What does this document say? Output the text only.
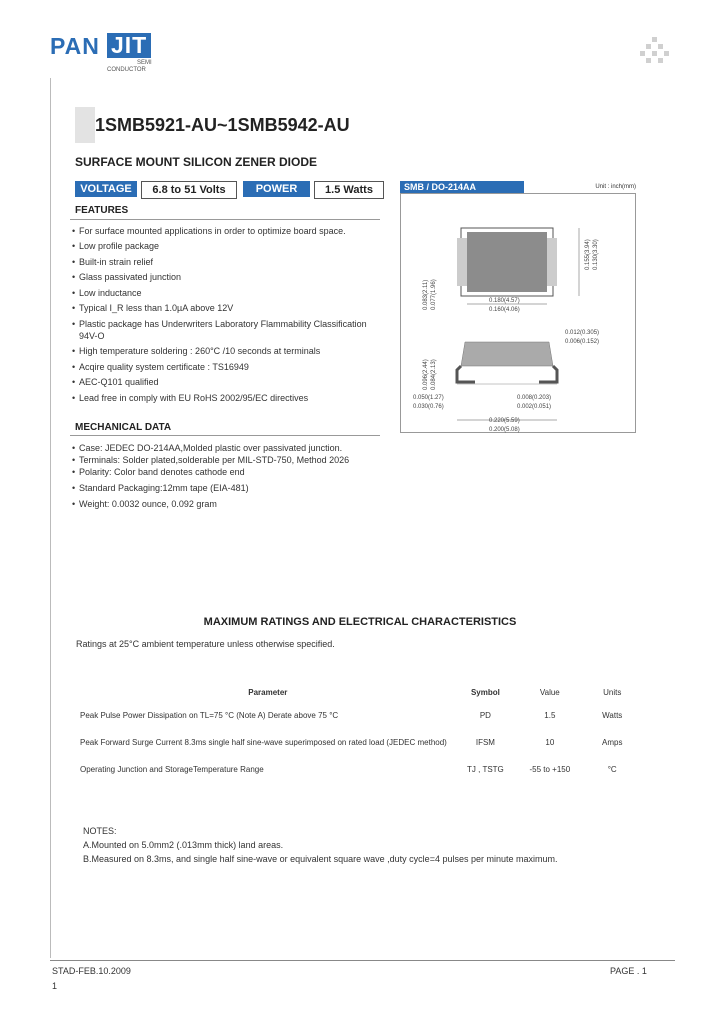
PAN JIT
SEMI
CONDUCTOR
1SMB5921-AU~1SMB5942-AU
SURFACE MOUNT SILICON ZENER DIODE
VOLTAGE	6.8 to 51 Volts	POWER	1.5 Watts
FEATURES
• For surface mounted applications in order to optimize board space.
• Low profile package
• Built-in strain relief
• Glass passivated junction
• Low inductance
• Typical I_R less than 1.0µA above 12V
• Plastic package has Underwriters Laboratory Flammability Classification 94V-O
• High temperature soldering : 260°C /10 seconds at terminals
• Acqire quality system certificate : TS16949
• AEC-Q101 qualified
• Lead free in comply with EU RoHS 2002/95/EC directives
MECHANICAL DATA
• Case: JEDEC DO-214AA,Molded plastic over passivated junction.
• Terminals: Solder plated,solderable per MIL-STD-750, Method 2026
• Polarity: Color band denotes cathode end
• Standard Packaging:12mm tape (EIA-481)
• Weight: 0.0032 ounce, 0.092 gram
SMB / DO-214AA	Unit : inch(mm)
0.155(3.94) 0.130(3.30)
0.083(2.11) 0.077(1.96)	0.180(4.57)
0.160(4.06)
0.012(0.305)
0.006(0.152)
0.096(2.44) 0.084(2.13)
0.050(1.27)
0.030(0.76)
0.008(0.203)
0.002(0.051)
0.220(5.59)
0.200(5.08)
MAXIMUM RATINGS AND ELECTRICAL CHARACTERISTICS
Ratings at 25°C ambient temperature unless otherwise specified.
Parameter	Symbol	Value	Units
Peak Pulse Power Dissipation on TL=75 °C (Note A) Derate above 75 °C	PD	1.5	Watts
Peak Forward Surge Current 8.3ms single half sine-wave superimposed on rated load (JEDEC method)	IFSM	10	Amps
Operating Junction and StorageTemperature Range	TJ , TSTG	-55 to +150	°C
NOTES:
A.Mounted on 5.0mm2 (.013mm thick) land areas.
B.Measured on 8.3ms, and single half sine-wave or equivalent square wave ,duty cycle=4 pulses per minute maximum.
STAD-FEB.10.2009	PAGE . 1
1
